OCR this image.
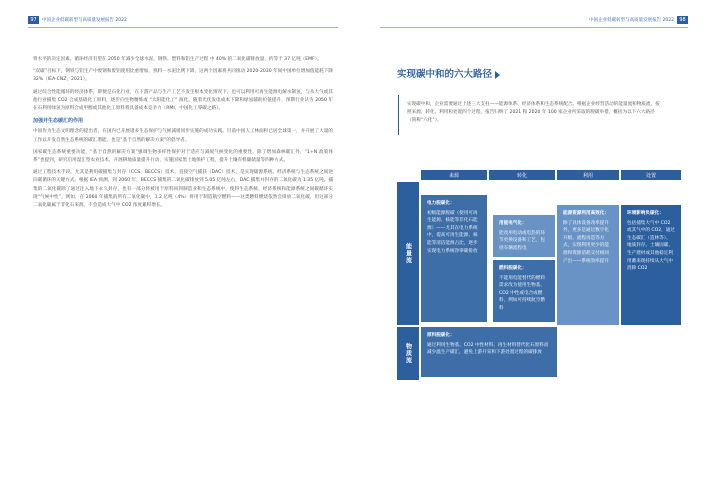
97	中国企业低碳转型与高质量发展报告 2022	中国企业低碳转型与高质量发展报告 2022	98

将水平的决定因素。循环经济有望在 2050 年减少全球水泥、钢铁、塑料和铝生产过程 中 40% 的二氧化碳排放量，约等于 37 亿吨（EMF）。

“双碳”目标下，钢铁与铝生产中废钢和废铝使用比重增加，熟料－水泥比例下降，这两个因素将共同推动 2020-2030 年间中国单位增加值能耗下降 32%（IEA·CNZ，2021）。

通过综合性能循环的经济体系，即便是石化行业，在下游产品与生产工艺不发生根本变化情况下，也可以利用可再生能源电解水制氢，与从大气或其他行业捕集 CO2 合成基础化工原料，逐步向生物精炼或 “太阳能化工” 演化。随着光伏发电成本下降和绿氢辅助价值提升，预期行业认为 2050 年在石利用绿氢为原料合成甲醇或其他化工原料将具备成本竞争力（RMI，中国化工零碳之路）。

加强并生态碳汇的作用

中国作为生态文明理念的提出者，在国内已开展诸多生态保护与气候减缓同步实施的成功实践。目前中国人工林面积已居全球第一，并开展了大量的工作以开发自然生态系统的碳汇潜能，也是“基于自然的解决方案”的倡导者。

国家碳生态系统重要功能，“基于自然的解决方案”强调生物多样性保护对于适应与减缓气候变化的重要性。除了增加森林碳汇外，“1+N 政策体系”也提到，研究启用湿汇型农业技术，开展耕地质量提升行动，实施国家黑土地保护工程，提升土壤有机碳储量等四种方式。

通过工程技术手段，尤其是利用碳捕集与封存（CCS、BECCS）技术、直接空气捕获（DAC）技术，是实现碳源系统、经济系统与生态系统之间逆向碳循环的关键方式。根据 IEA 预测，到 2060 年，BECCS 捕集的二氧化碳排放到 5.05 亿吨左右，DAC 捕集并封存的二氧化碳为 1.35 亿吨。捕集的二氧化碳除了通过注入地下永久封存，也有一部分将被用于原料回到制造业和生态系统中，使得生态系统、经济系统和能源系统之间碳循环实现“气候中性”。例如，在 2060 年捕集的所有二氧化碳中，1.2 亿吨（4%）将用于制造航空燃料——这类燃料燃烧依然会排放二氧化碳，但这部分二氧化碳属于非化石来源，不会造成大气中 CO2 浓度累积增长。

实现碳中和的六大路径
实现碳中和，企业需要通过上述三大支柱——能源体系、经济体系和生态系统配合。根据企业经营活动的能量流和物质流，按照来源、转化、利用和处置四个过程，报告归纳了 2021 和 2020 年 100 家企业所采取的脱碳举措，概括为以下六大路径（简称“六化”）。
来源	转化	利用	处置
能量流
物质流
电力脱碳化：
初级能源脱碳（使用可再生能源、核能等非化石能源）——尤其在电力系统中，提高可再生能源、核能等清洁能源占比，逐步实现电力系统净零碳排放
用能电气化：
能改用电动或电热的环节更换设备和工艺，包括车辆流程电
燃料脱碳化：
不能用电能替代的燃料需求改为使用生物基、CO2 中性或电合成燃料，例如可持续航空燃料
能源资源利用高效化：
除了具体设备改率提升外，更多是通过数字化升级、流程再造等方式，实现利用更少的能源和资源消耗交付相同产出——系统效率提升
环境影响负碳化：
包括捕集大气中 CO2 或其气中的 CO2，通过生态碳汇（造林等）、地质封存、土壤固碳、生产建材或其他稳定利用蓄来现持续从大气中消除 CO2
原料脱碳化：
通过利用生物基、CO2 中性材料、再生材料替代化石原料而减少温生产碳汇，避免上游开采和下游处置过程的碳排放
